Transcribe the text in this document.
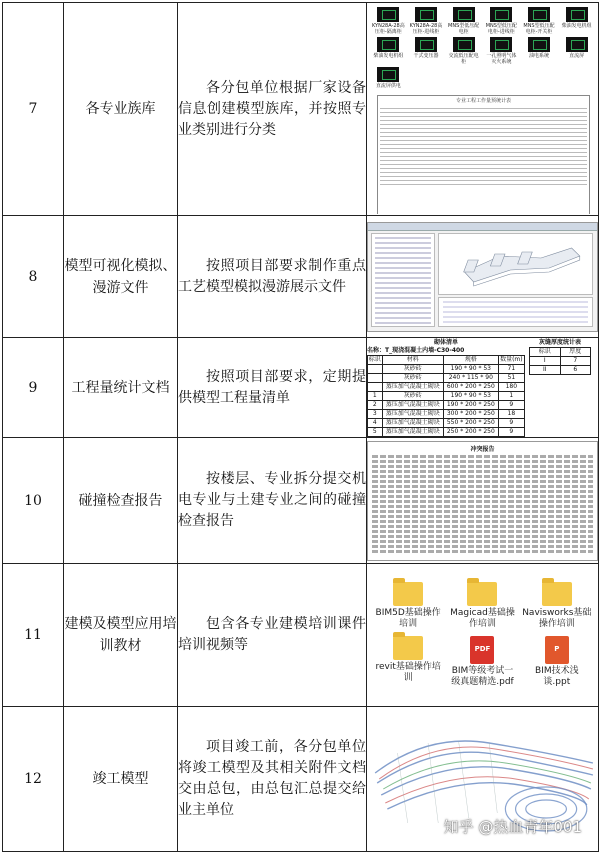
7	各专业族库	各分包单位根据厂家设备信息创建模型族库，并按照专业类别进行分类	
KYN28A-28高压柜-隔离柜
KYN28A-28高压柜-进线柜
MNS型低压配电柜
MNS型低压配电柜-进线柜
MNS型低压配电柜-开关柜
柴油发电机组
柴油发电机组 干式变压器	交流低压配电柜
一孔照明气体灭火系统
油电系统	直流屏
直流屏供电
专业工程工作量预统计表

8	模型可视化模拟、漫游文件	按照项目部要求制作重点工艺模型模拟漫游展示文件	

9	工程量统计文档	按照项目部要求，定期提供模型工程量清单	
砌体清单
名称：T_现浇混凝土内墙-C30-400
标识	材料	规格	数量(m)
	灰砂砖	190 * 90 * 53	71
	灰砂砖	240 * 115 * 90	51
	蒸压加气混凝土砌块	600 * 200 * 250	180
1	灰砂砖	190 * 90 * 53	1
2	蒸压加气混凝土砌块	190 * 200 * 250	9
3	蒸压加气混凝土砌块	300 * 200 * 250	18
4	蒸压加气混凝土砌块	550 * 200 * 250	9
5	蒸压加气混凝土砌块	250 * 200 * 250	9
灰缝厚度统计表
标识	厚度
I	7
II	6

10	碰撞检查报告	按楼层、专业拆分提交机电专业与土建专业之间的碰撞检查报告	
冲突报告

11	建模及模型应用培训教材	包含各专业建模培训课件培训视频等	
BIM5D基础操作培训
Magicad基础操作培训
Navisworks基础操作培训
revit基础操作培训
PDF
BIM等级考试一级真题精选.pdf
P
BIM技术浅谈.ppt

12	竣工模型	项目竣工前，各分包单位将竣工模型及其相关附件文档交由总包，由总包汇总提交给业主单位	
知乎 @热血青年001
